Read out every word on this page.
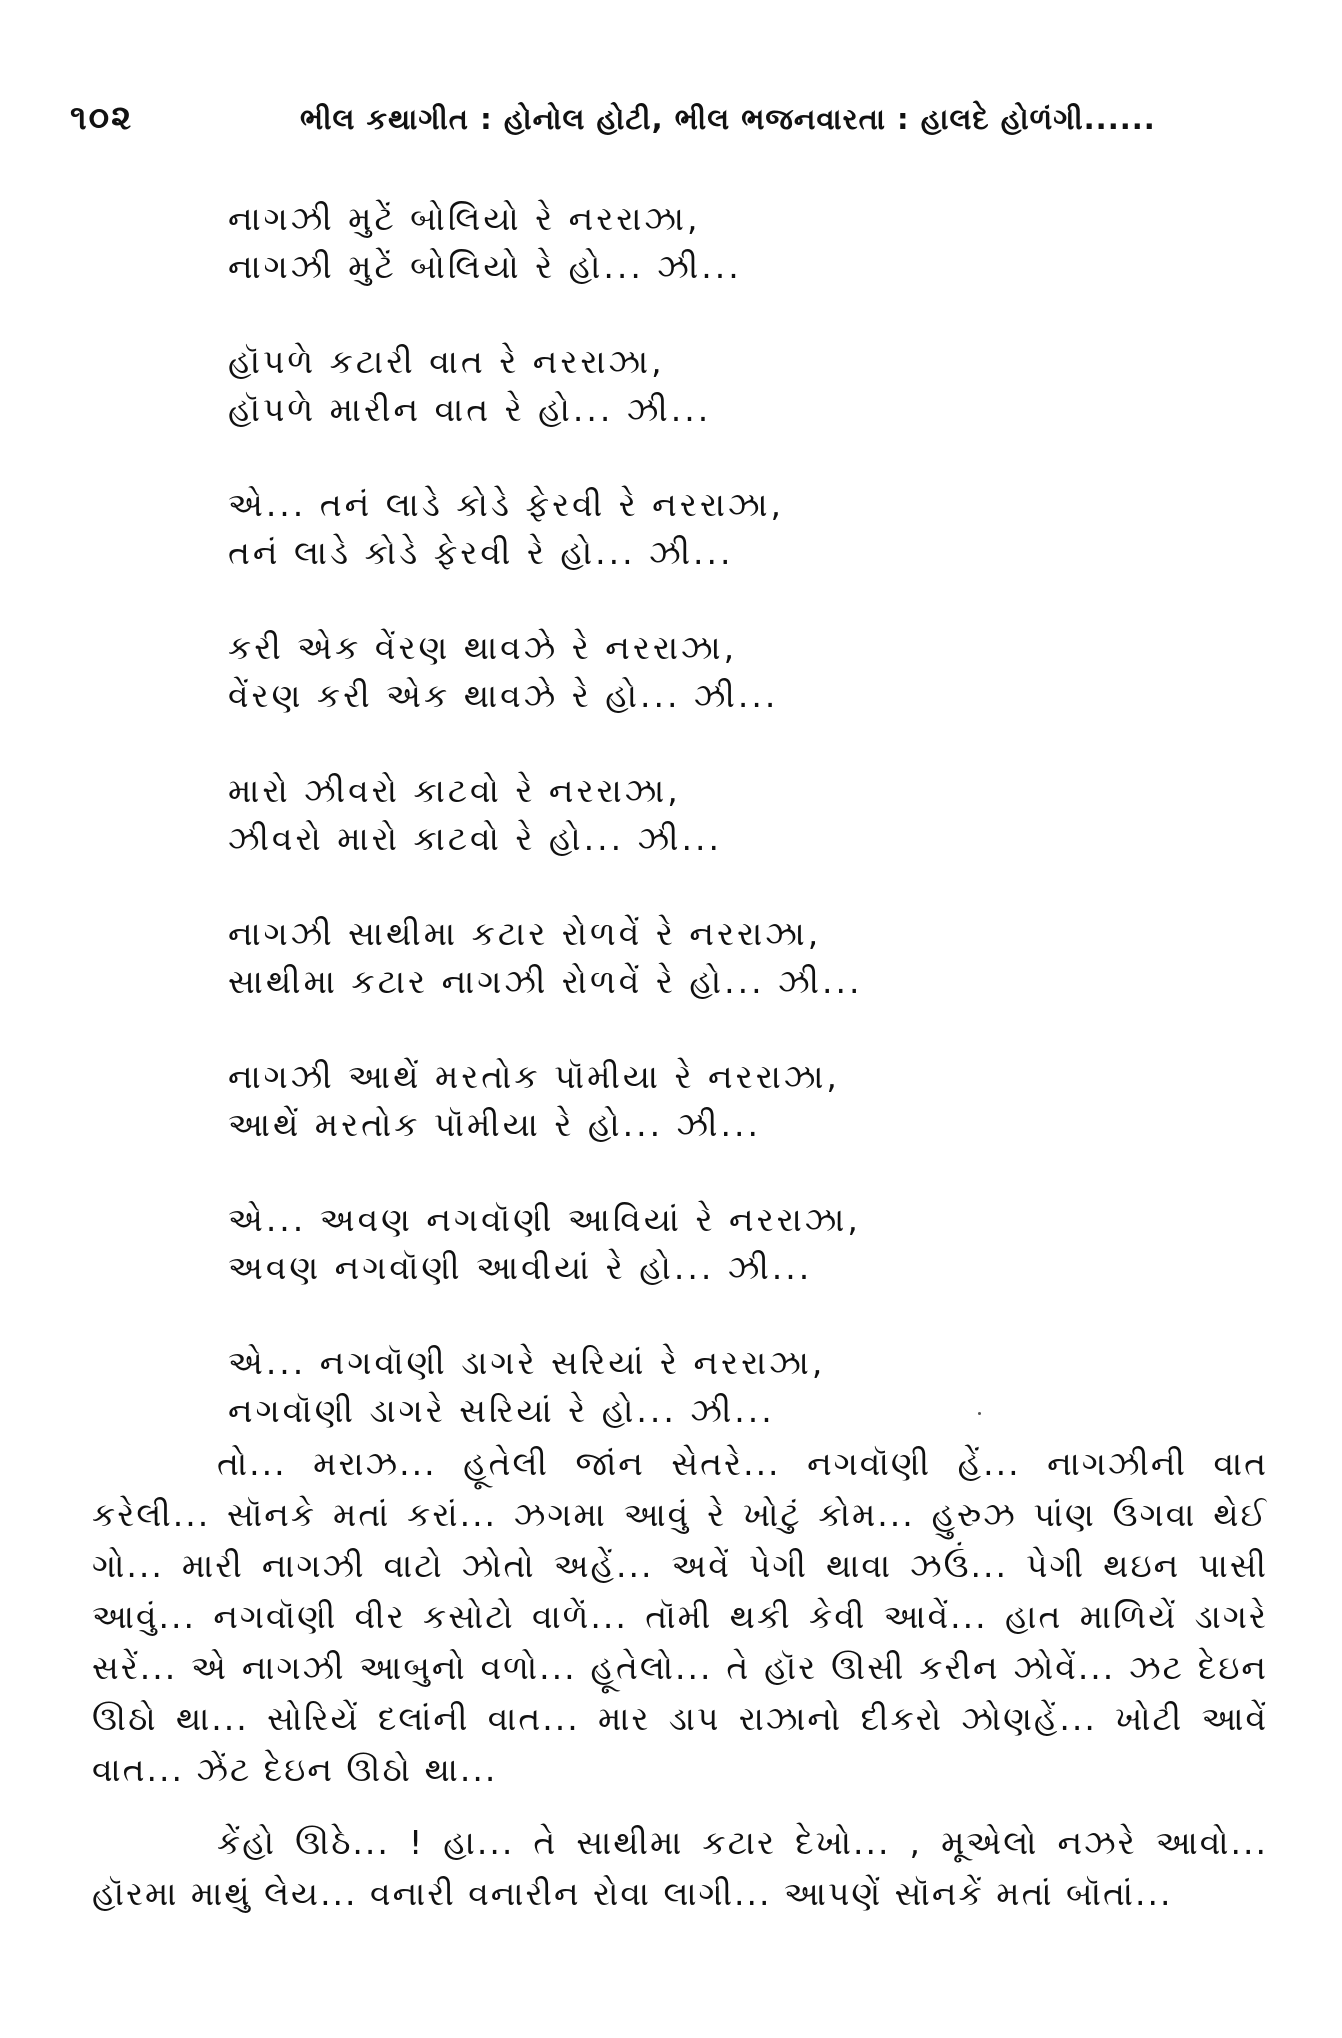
૧૦૨	ભીલ કથાગીત : હોનોલ હોટી, ભીલ ભજનવારતા : હાલદે હોળંગી......
નાગઝી મુટેં બોલિયો રે નરરાઝા,
નાગઝી મુટેં બોલિયો રે હો... ઝી...
હૉપળે કટારી વાત રે નરરાઝા,
હૉપળે મારીન વાત રે હો... ઝી...
એ... તનં લાડે કોડે ફેરવી રે નરરાઝા,
તનં લાડે કોડે ફેરવી રે હો... ઝી...
કરી એક વેંરણ થાવઝે રે નરરાઝા,
વેંરણ કરી એક થાવઝે રે હો... ઝી...
મારો ઝીવરો કાટવો રે નરરાઝા,
ઝીવરો મારો કાટવો રે હો... ઝી...
નાગઝી સાથીમા કટાર રોળવેં રે નરરાઝા,
સાથીમા કટાર નાગઝી રોળવેં રે હો... ઝી...
નાગઝી આથેં મરતોક પૉમીયા રે નરરાઝા,
આથેં મરતોક પૉમીયા રે હો... ઝી...
એ... અવણ નગવૉણી આવિયાં રે નરરાઝા,
અવણ નગવૉણી આવીયાં રે હો... ઝી...
એ... નગવૉણી ડાગરે સરિયાં રે નરરાઝા,
નગવૉણી ડાગરે સરિયાં રે હો... ઝી...

તો... મરાઝ... હૂતેલી જાંન સેતરે... નગવૉણી હેં... નાગઝીની વાત કરેલી... સૉનકે મતાં કરાં... ઝગમા આવું રે ખોટું કોમ... હુરુઝ પાંણ ઉગવા થેઈ ગો... મારી નાગઝી વાટો ઝોતો અહેં... અવેં પેગી થાવા ઝઉં... પેગી થઇન પાસી આવું... નગવૉણી વીર કસોટો વાળેં... તૉમી થકી કેવી આવેં... હાત માળિયેં ડાગરે સરેં... એ નાગઝી આબુનો વળો... હૂતેલો... તે હૉર ઊસી કરીન ઝોવેં... ઝટ દેઇન ઊઠો થા... સોરિયેં દલાંની વાત... માર ડાપ રાઝાનો દીકરો ઝોણહેં... ખોટી આવેં વાત... ઝેંટ દેઇન ઊઠો થા...

કેંહો ઊઠે... ! હા... તે સાથીમા કટાર દેખો... , મૂએલો નઝરે આવો... હૉરમા માથું લેય... વનારી વનારીન રોવા લાગી... આપણેં સૉનકેં મતાં બૉતાં...
